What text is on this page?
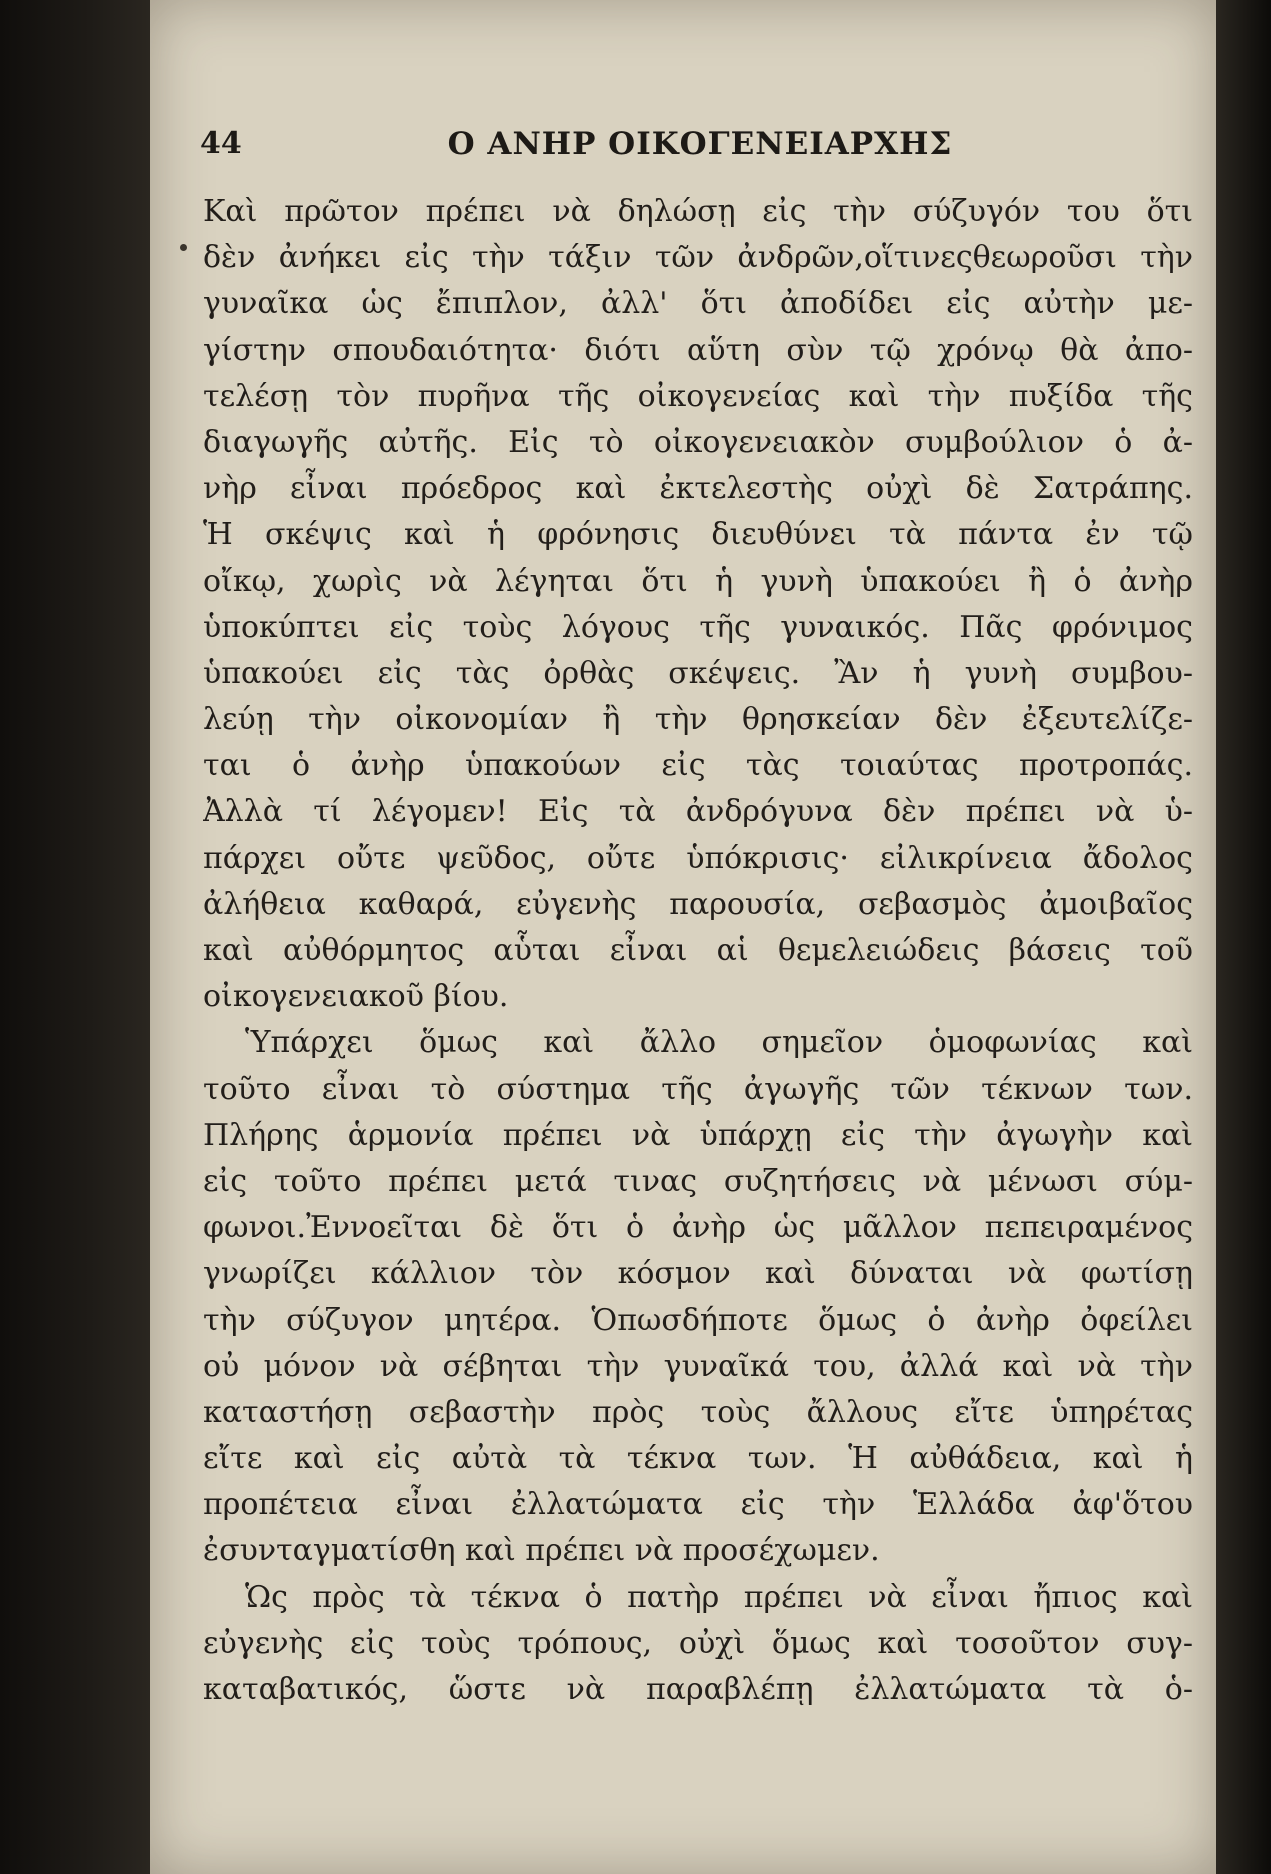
44	Ο ΑΝΗΡ ΟΙΚΟΓΕΝΕΙΑΡΧΗΣ
Καὶ πρῶτον πρέπει νὰ δηλώσῃ εἰς τὴν σύζυγόν του ὅτι
δὲν ἀνήκει εἰς τὴν τάξιν τῶν ἀνδρῶν,οἵτινεςθεωροῦσι τὴν
γυναῖκα ὡς ἔπιπλον, ἀλλ' ὅτι ἀποδίδει εἰς αὐτὴν με-
γίστην σπουδαιότητα· διότι αὕτη σὺν τῷ χρόνῳ θὰ ἀπο-
τελέσῃ τὸν πυρῆνα τῆς οἰκογενείας καὶ τὴν πυξίδα τῆς
διαγωγῆς αὐτῆς. Εἰς τὸ οἰκογενειακὸν συμβούλιον ὁ ἀ-
νὴρ εἶναι πρόεδρος καὶ ἐκτελεστὴς οὐχὶ δὲ Σατράπης.
Ἡ σκέψις καὶ ἡ φρόνησις διευθύνει τὰ πάντα ἐν τῷ
οἴκῳ, χωρὶς νὰ λέγηται ὅτι ἡ γυνὴ ὑπακούει ἢ ὁ ἀνὴρ
ὑποκύπτει εἰς τοὺς λόγους τῆς γυναικός. Πᾶς φρόνιμος
ὑπακούει εἰς τὰς ὀρθὰς σκέψεις. Ἂν ἡ γυνὴ συμβου-
λεύῃ τὴν οἰκονομίαν ἢ τὴν θρησκείαν δὲν ἐξευτελίζε-
ται ὁ ἀνὴρ ὑπακούων εἰς τὰς τοιαύτας προτροπάς.
Ἀλλὰ τί λέγομεν! Εἰς τὰ ἀνδρόγυνα δὲν πρέπει νὰ ὑ-
πάρχει οὔτε ψεῦδος, οὔτε ὑπόκρισις· εἰλικρίνεια ἄδολος
ἀλήθεια καθαρά, εὐγενὴς παρουσία, σεβασμὸς ἀμοιβαῖος
καὶ αὐθόρμητος αὗται εἶναι αἱ θεμελειώδεις βάσεις τοῦ
οἰκογενειακοῦ βίου.
Ὑπάρχει ὅμως καὶ ἄλλο σημεῖον ὁμοφωνίας καὶ
τοῦτο εἶναι τὸ σύστημα τῆς ἀγωγῆς τῶν τέκνων των.
Πλήρης ἁρμονία πρέπει νὰ ὑπάρχῃ εἰς τὴν ἀγωγὴν καὶ
εἰς τοῦτο πρέπει μετά τινας συζητήσεις νὰ μένωσι σύμ-
φωνοι.Ἐννοεῖται δὲ ὅτι ὁ ἀνὴρ ὡς μᾶλλον πεπειραμένος
γνωρίζει κάλλιον τὸν κόσμον καὶ δύναται νὰ φωτίσῃ
τὴν σύζυγον μητέρα. Ὁπωσδήποτε ὅμως ὁ ἀνὴρ ὀφείλει
οὐ μόνον νὰ σέβηται τὴν γυναῖκά του, ἀλλά καὶ νὰ τὴν
καταστήσῃ σεβαστὴν πρὸς τοὺς ἄλλους εἴτε ὑπηρέτας
εἴτε καὶ εἰς αὐτὰ τὰ τέκνα των. Ἡ αὐθάδεια, καὶ ἡ
προπέτεια εἶναι ἐλλατώματα εἰς τὴν Ἑλλάδα ἀφ'ὅτου
ἐσυνταγματίσθη καὶ πρέπει νὰ προσέχωμεν.
Ὡς πρὸς τὰ τέκνα ὁ πατὴρ πρέπει νὰ εἶναι ἤπιος καὶ
εὐγενὴς εἰς τοὺς τρόπους, οὐχὶ ὅμως καὶ τοσοῦτον συγ-
καταβατικός, ὥστε νὰ παραβλέπῃ ἐλλατώματα τὰ ὁ-
